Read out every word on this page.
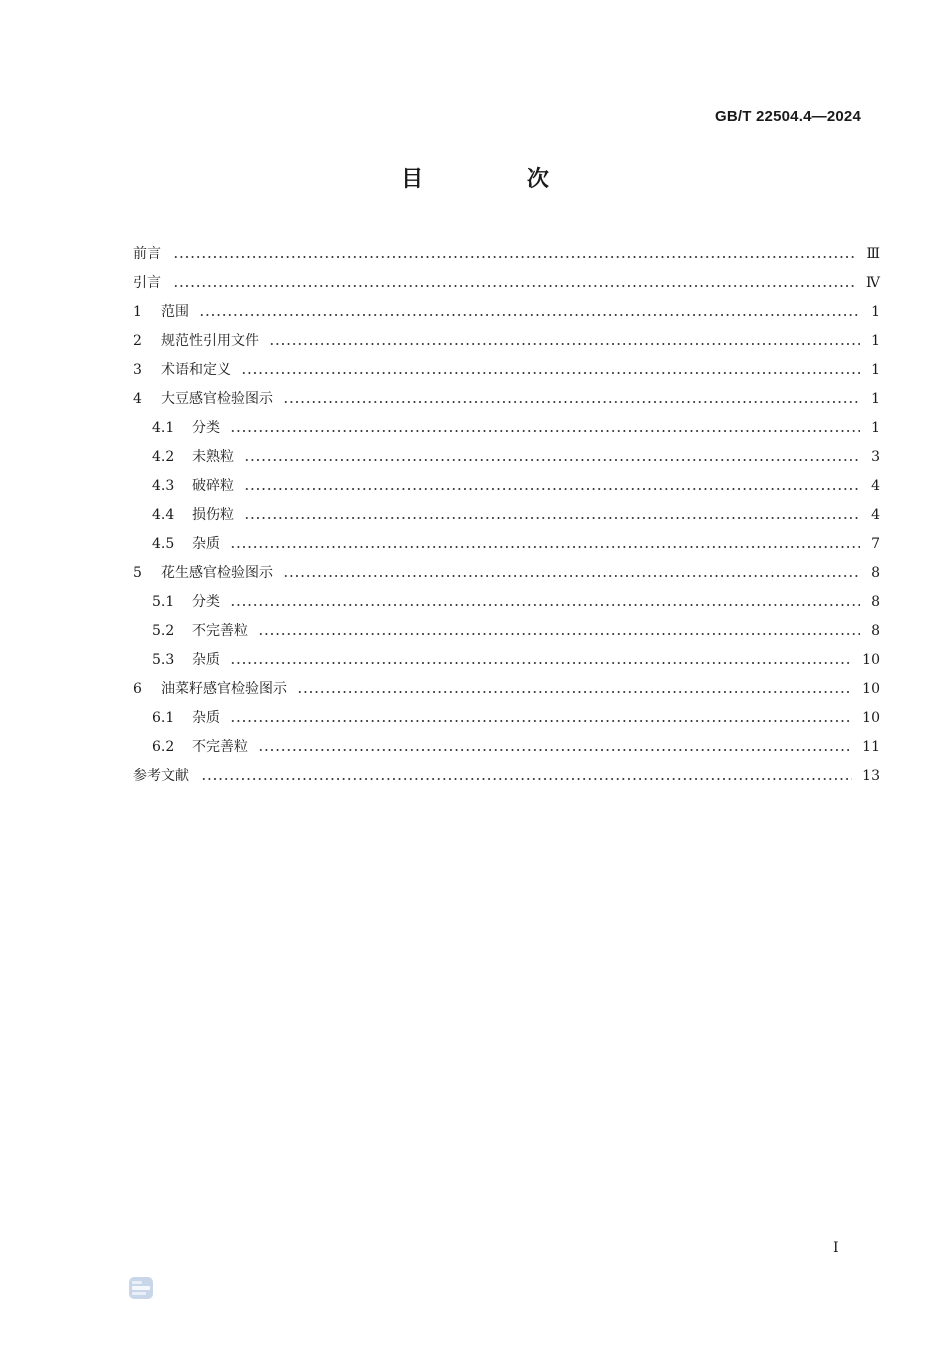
GB/T 22504.4—2024
目 次
前言	Ⅲ
引言	Ⅳ
1	范围	1
2	规范性引用文件	1
3	术语和定义	1
4	大豆感官检验图示	1
4.1	分类	1
4.2	未熟粒	3
4.3	破碎粒	4
4.4	损伤粒	4
4.5	杂质	7
5	花生感官检验图示	8
5.1	分类	8
5.2	不完善粒	8
5.3	杂质	10
6	油菜籽感官检验图示	10
6.1	杂质	10
6.2	不完善粒	11
参考文献	13
I
